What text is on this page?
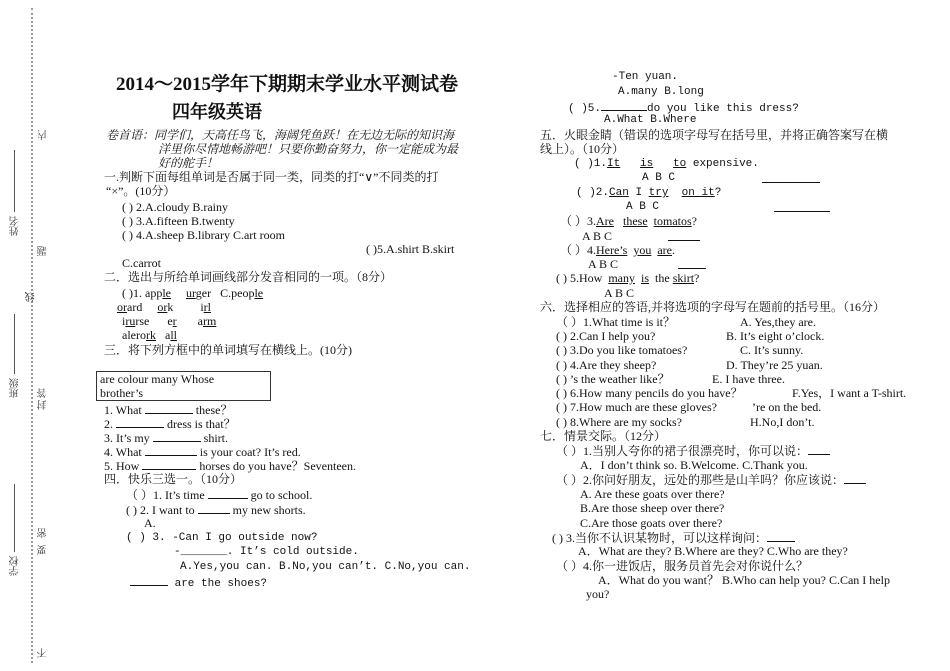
学校
密
要
不
班级
封
答
线
题
姓名
内
2014～2015学年下期期末学业水平测试卷
四年级英语
卷首语：同学们，天高任鸟飞，海阔凭鱼跃！在无边无际的知识海
洋里你尽情地畅游吧！只要你勤奋努力，你一定能成为最
好的舵手！
一.判断下面每组单词是否属于同一类，同类的打“∨”不同类的打
“×”。(10分）
( ) 2.A.cloudy B.rainy
( ) 3.A.fifteen B.twenty
( ) 4.A.sheep B.library C.art room
( )5.A.shirt B.skirt
C.carrot
二．选出与所给单词画线部分发音相同的一项。（8分）
( )1. apple urger C.people
orard ork irl
irurse er arm
alerork all
三．将下列方框中的单词填写在横线上。(10分)
are colour many Whose
brother’s
1. What	these？
2.	dress is that？
3. It’s my	shirt.
4. What	is your coat? It’s red.
5. How	horses do you have？Seventeen.
四．快乐三选一。（10分）
（ ）1. It’s time	go to school.
( ) 2. I want to	my new shorts.
A.
( ) 3. -Can I go outside now?
-_______. It’s cold outside.
A.Yes,you can. B.No,you can’t. C.No,you can.
are the shoes?
-Ten yuan.
A.many B.long
( )5.	do you like this dress?
A.What B.Where
五．火眼金睛（错误的选项字母写在括号里，并将正确答案写在横
线上）。（10分）
( )1.It is to expensive.
A B C
( )2.Can I try on it?
A B C
（ ）3.Are these tomatos?
A B C
（ ）4.Here’s you are.
A B C
( ) 5.How many is the skirt?
A B C
六．选择相应的答语,并将选项的字母写在题前的括号里。（16分）
（ ）1.What time is it？	A. Yes,they are.
( ) 2.Can I help you?	B. It’s eight o’clock.
( ) 3.Do you like tomatoes?	C. It’s sunny.
( ) 4.Are they sheep?	D. They’re 25 yuan.
( ) ’s the weather like？	E. I have three.
( ) 6.How many pencils do you have？	F.Yes，I want a T-shirt.
( ) 7.How much are these gloves?	’re on the bed.
( ) 8.Where are my socks?	H.No,I don’t.
七．情景交际。（12分）
（ ）1.当别人夸你的裙子很漂亮时，你可以说：
A．I don’t think so. B.Welcome. C.Thank you.
（ ）2.你问好朋友，远处的那些是山羊吗？你应该说：
A. Are these goats over there?
B.Are those sheep over there?
C.Are those goats over there?
( ) 3.当你不认识某物时，可以这样询问：
A．What are they? B.Where are they? C.Who are they?
（ ）4.你一进饭店，服务员首先会对你说什么？
A．What do you want？ B.Who can help you? C.Can I help
you?
